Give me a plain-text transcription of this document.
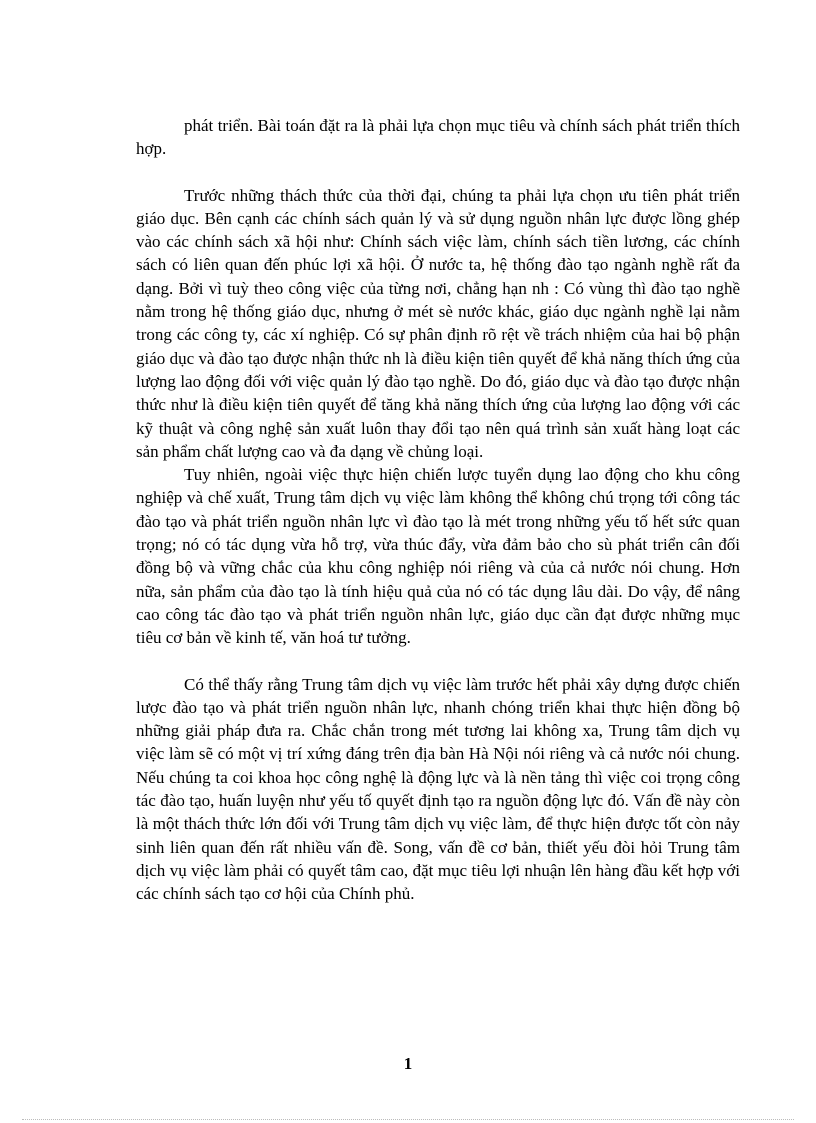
phát triển. Bài toán đặt ra là phải lựa chọn mục tiêu và chính sách phát triển thích hợp.

Trước những thách thức của thời đại, chúng ta phải lựa chọn ưu tiên phát triển giáo dục. Bên cạnh các chính sách quản lý và sử dụng nguồn nhân lực được lồng ghép vào các chính sách xã hội như: Chính sách việc làm, chính sách tiền lương, các chính sách có liên quan đến phúc lợi xã hội. Ở nước ta, hệ thống đào tạo ngành nghề rất đa dạng. Bởi vì tuỳ theo công việc của từng nơi, chẳng hạn nh : Có vùng thì đào tạo nghề nằm trong hệ thống giáo dục, nhưng ở mét sè nước khác, giáo dục ngành nghề lại nằm trong các công ty, các xí nghiệp. Có sự phân định rõ rệt về trách nhiệm của hai bộ phận giáo dục và đào tạo được nhận thức nh là điều kiện tiên quyết để khả năng thích ứng của lượng lao động đối với việc quản lý đào tạo nghề. Do đó, giáo dục và đào tạo được nhận thức như là điều kiện tiên quyết để tăng khả năng thích ứng của lượng lao động với các kỹ thuật và công nghệ sản xuất luôn thay đổi tạo nên quá trình sản xuất hàng loạt các sản phẩm chất lượng cao và đa dạng về chủng loại.

Tuy nhiên, ngoài việc thực hiện chiến lược tuyển dụng lao động cho khu công nghiệp và chế xuất, Trung tâm dịch vụ việc làm không thể không chú trọng tới công tác đào tạo và phát triển nguồn nhân lực vì đào tạo là mét trong những yếu tố hết sức quan trọng; nó có tác dụng vừa hỗ trợ, vừa thúc đẩy, vừa đảm bảo cho sù phát triển cân đối đồng bộ và vững chắc của khu công nghiệp nói riêng và của cả nước nói chung. Hơn nữa, sản phẩm của đào tạo là tính hiệu quả của nó có tác dụng lâu dài. Do vậy, để nâng cao công tác đào tạo và phát triển nguồn nhân lực, giáo dục cần đạt được những mục tiêu cơ bản về kinh tế, văn hoá tư tưởng.

Có thể thấy rằng Trung tâm dịch vụ việc làm trước hết phải xây dựng được chiến lược đào tạo và phát triển nguồn nhân lực, nhanh chóng triển khai thực hiện đồng bộ những giải pháp đưa ra. Chắc chắn trong mét tương lai không xa, Trung tâm dịch vụ việc làm sẽ có một vị trí xứng đáng trên địa bàn Hà Nội nói riêng và cả nước nói chung. Nếu chúng ta coi khoa học công nghệ là động lực và là nền tảng thì việc coi trọng công tác đào tạo, huấn luyện như yếu tố quyết định tạo ra nguồn động lực đó. Vấn đề này còn là một thách thức lớn đối với Trung tâm dịch vụ việc làm, để thực hiện được tốt còn nảy sinh liên quan đến rất nhiều vấn đề. Song, vấn đề cơ bản, thiết yếu đòi hỏi Trung tâm dịch vụ việc làm phải có quyết tâm cao, đặt mục tiêu lợi nhuận lên hàng đầu kết hợp với các chính sách tạo cơ hội của Chính phủ.

1
